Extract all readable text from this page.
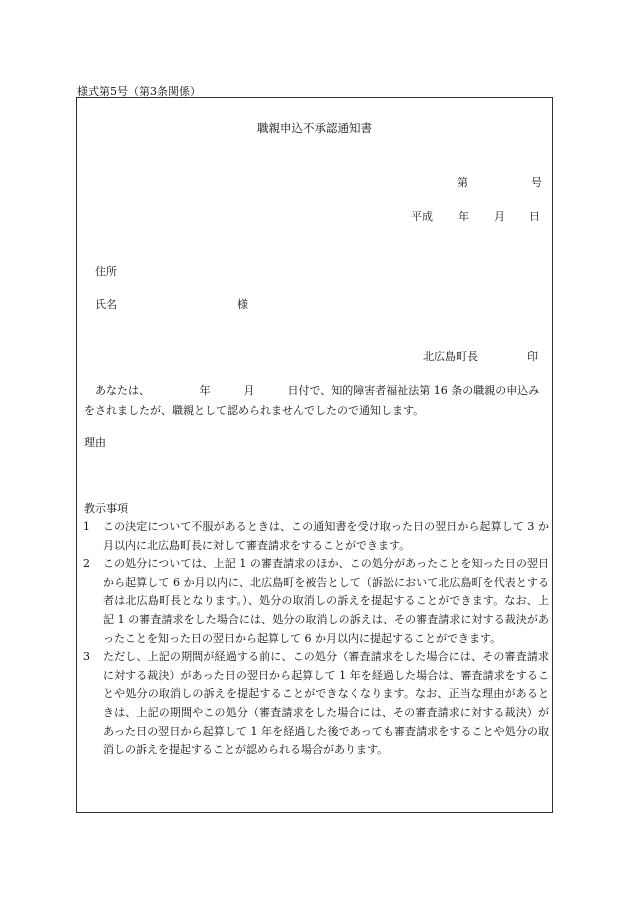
様式第5号（第3条関係）
職親申込不承認通知書
第	号
平成 年 月 日
住所
氏名	様
北広島町長	印
あなたは、　　　　　年　　　月　　　日付で、知的障害者福祉法第 16 条の職親の申込みをされましたが、職親として認められませんでしたので通知します。
理由
教示事項
1 この決定について不服があるときは、この通知書を受け取った日の翌日から起算して 3 か月以内に北広島町長に対して審査請求をすることができます。
2 この処分については、上記 1 の審査請求のほか、この処分があったことを知った日の翌日から起算して 6 か月以内に、北広島町を被告として（訴訟において北広島町を代表とする者は北広島町長となります。）、処分の取消しの訴えを提起することができます。なお、上記 1 の審査請求をした場合には、処分の取消しの訴えは、その審査請求に対する裁決があったことを知った日の翌日から起算して 6 か月以内に提起することができます。
3 ただし、上記の期間が経過する前に、この処分（審査請求をした場合には、その審査請求に対する裁決）があった日の翌日から起算して 1 年を経過した場合は、審査請求をすることや処分の取消しの訴えを提起することができなくなります。なお、正当な理由があるときは、上記の期間やこの処分（審査請求をした場合には、その審査請求に対する裁決）があった日の翌日から起算して 1 年を経過した後であっても審査請求をすることや処分の取消しの訴えを提起することが認められる場合があります。
